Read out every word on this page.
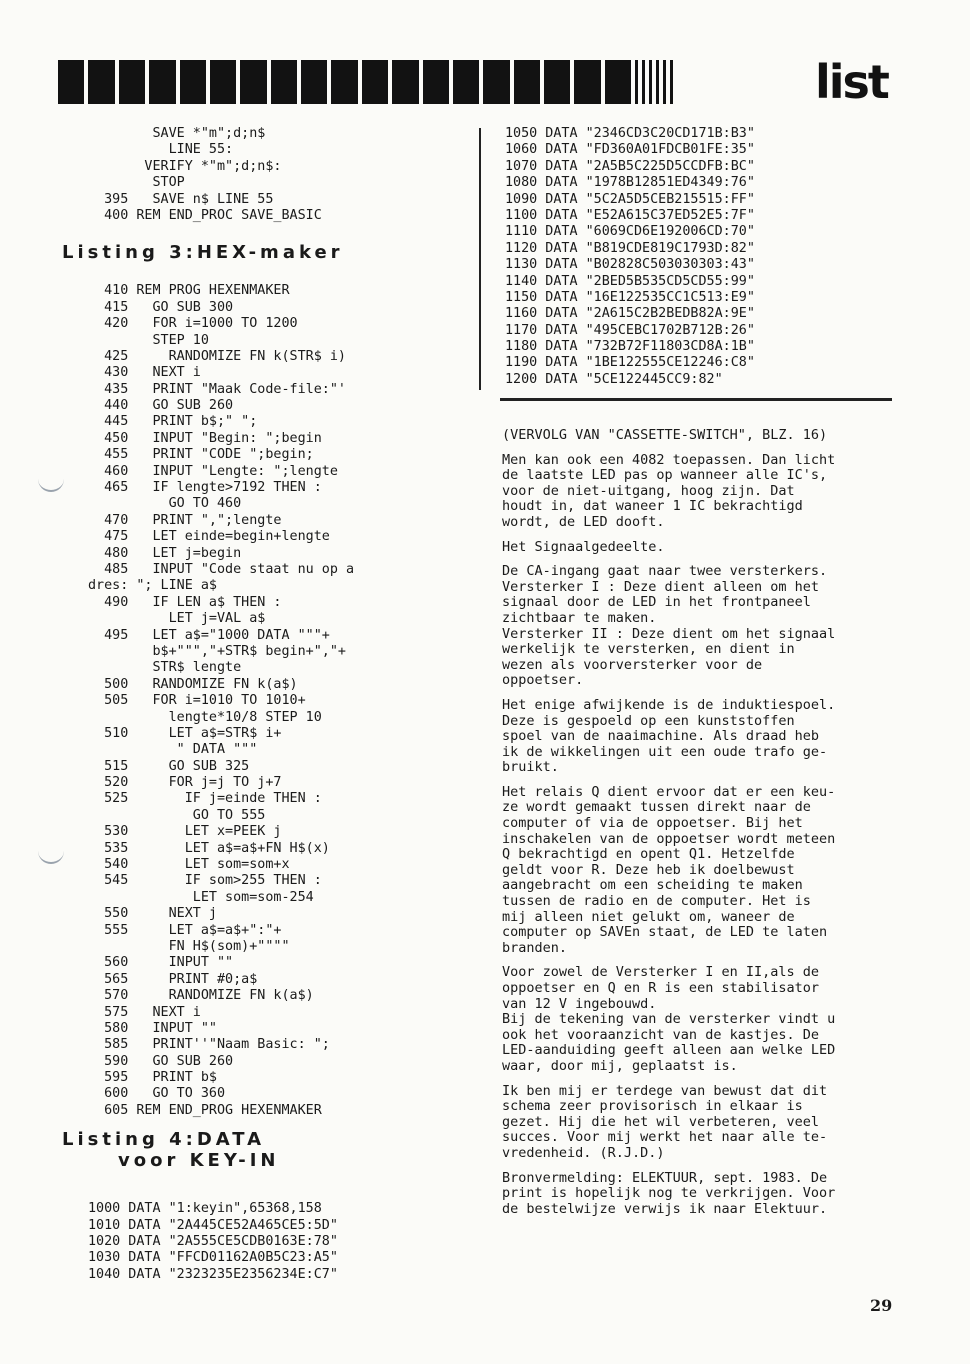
list
SAVE *"m";d;n$
LINE 55:
VERIFY *"m";d;n$:
STOP
395   SAVE n$ LINE 55
400 REM END_PROC SAVE_BASIC
Listing 3:HEX-maker
410 REM PROG HEXENMAKER
415   GO SUB 300
420   FOR i=1000 TO 1200
STEP 10
425     RANDOMIZE FN k(STR$ i)
430   NEXT i
435   PRINT "Maak Code-file:"'
440   GO SUB 260
445   PRINT b$;" ";
450   INPUT "Begin: ";begin
455   PRINT "CODE ";begin;
460   INPUT "Lengte: ";lengte
465   IF lengte>7192 THEN :
GO TO 460
470   PRINT ",";lengte
475   LET einde=begin+lengte
480   LET j=begin
485   INPUT "Code staat nu op a
dres: "; LINE a$
490   IF LEN a$ THEN :
LET j=VAL a$
495   LET a$="1000 DATA """+
b$+""","+STR$ begin+","+
STR$ lengte
500   RANDOMIZE FN k(a$)
505   FOR i=1010 TO 1010+
lengte*10/8 STEP 10
510     LET a$=STR$ i+
" DATA """
515     GO SUB 325
520     FOR j=j TO j+7
525       IF j=einde THEN :
GO TO 555
530       LET x=PEEK j
535       LET a$=a$+FN H$(x)
540       LET som=som+x
545       IF som>255 THEN :
LET som=som-254
550     NEXT j
555     LET a$=a$+":"+
FN H$(som)+""""
560     INPUT ""
565     PRINT #0;a$
570     RANDOMIZE FN k(a$)
575   NEXT i
580   INPUT ""
585   PRINT''"Naam Basic: ";
590   GO SUB 260
595   PRINT b$
600   GO TO 360
605 REM END_PROG HEXENMAKER
Listing 4:DATA
voor KEY-IN
1000 DATA "1:keyin",65368,158
1010 DATA "2A445CE52A465CE5:5D"
1020 DATA "2A555CE5CDB0163E:78"
1030 DATA "FFCD01162A0B5C23:A5"
1040 DATA "2323235E2356234E:C7"
1050 DATA "2346CD3C20CD171B:B3"
1060 DATA "FD360A01FDCB01FE:35"
1070 DATA "2A5B5C225D5CCDFB:BC"
1080 DATA "1978B12851ED4349:76"
1090 DATA "5C2A5D5CEB215515:FF"
1100 DATA "E52A615C37ED52E5:7F"
1110 DATA "6069CD6E192006CD:70"
1120 DATA "B819CDE819C1793D:82"
1130 DATA "B02828C503030303:43"
1140 DATA "2BED5B535CD5CD55:99"
1150 DATA "16E122535CC1C513:E9"
1160 DATA "2A615C2B2BEDB82A:9E"
1170 DATA "495CEBC1702B712B:26"
1180 DATA "732B72F11803CD8A:1B"
1190 DATA "1BE122555CE12246:C8"
1200 DATA "5CE122445CC9:82"

(VERVOLG VAN "CASSETTE-SWITCH", BLZ. 16)

Men kan ook een 4082 toepassen. Dan licht
de laatste LED pas op wanneer alle IC's,
voor de niet-uitgang, hoog zijn. Dat
houdt in, dat waneer 1 IC bekrachtigd
wordt, de LED dooft.

Het Signaalgedeelte.

De CA-ingang gaat naar twee versterkers.
Versterker I : Deze dient alleen om het
signaal door de LED in het frontpaneel
zichtbaar te maken.
Versterker II : Deze dient om het signaal
werkelijk te versterken, en dient in
wezen als voorversterker voor de
oppoetser.

Het enige afwijkende is de induktiespoel.
Deze is gespoeld op een kunststoffen
spoel van de naaimachine. Als draad heb
ik de wikkelingen uit een oude trafo ge-
bruikt.

Het relais Q dient ervoor dat er een keu-
ze wordt gemaakt tussen direkt naar de
computer of via de oppoetser. Bij het
inschakelen van de oppoetser wordt meteen
Q bekrachtigd en opent Q1. Hetzelfde
geldt voor R. Deze heb ik doelbewust
aangebracht om een scheiding te maken
tussen de radio en de computer. Het is
mij alleen niet gelukt om, waneer de
computer op SAVEn staat, de LED te laten
branden.

Voor zowel de Versterker I en II,als de
oppoetser en Q en R is een stabilisator
van 12 V ingebouwd.
Bij de tekening van de versterker vindt u
ook het vooraanzicht van de kastjes. De
LED-aanduiding geeft alleen aan welke LED
waar, door mij, geplaatst is.

Ik ben mij er terdege van bewust dat dit
schema zeer provisorisch in elkaar is
gezet. Hij die het wil verbeteren, veel
succes. Voor mij werkt het naar alle te-
vredenheid. (R.J.D.)

Bronvermelding: ELEKTUUR, sept. 1983. De
print is hopelijk nog te verkrijgen. Voor
de bestelwijze verwijs ik naar Elektuur.

29
